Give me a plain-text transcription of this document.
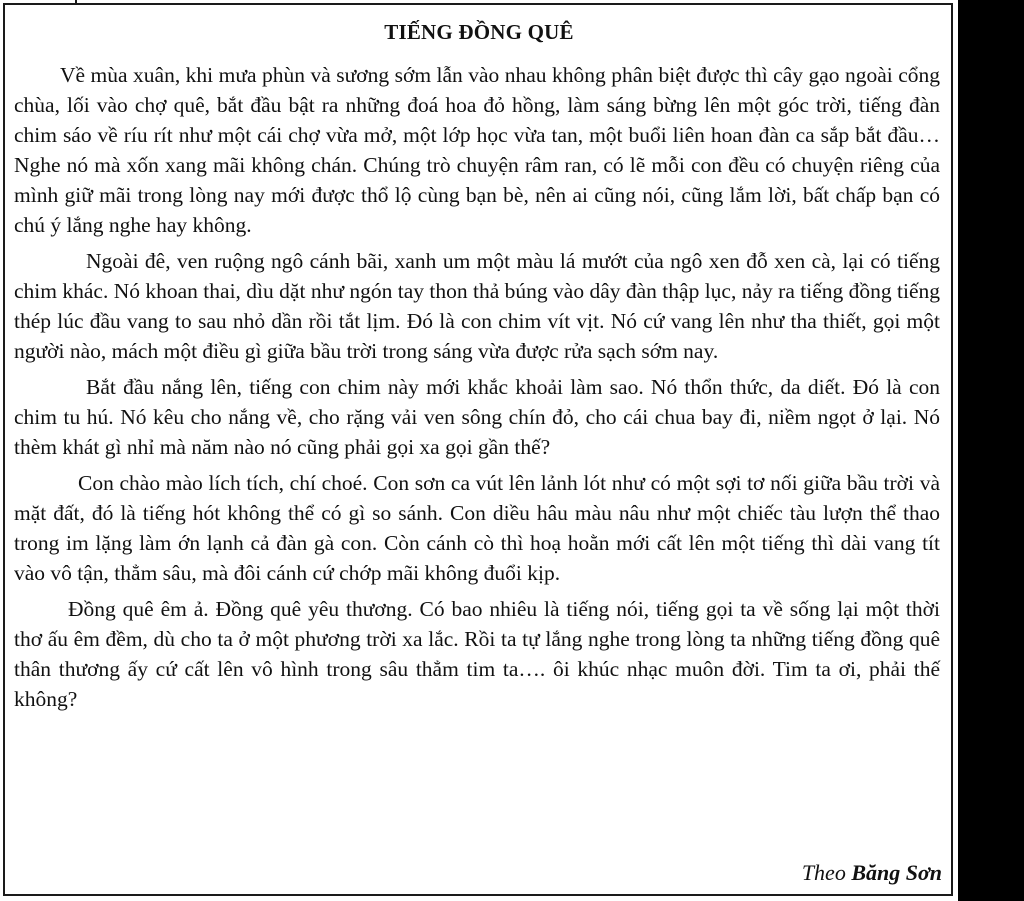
TIẾNG ĐỒNG QUÊ

Về mùa xuân, khi mưa phùn và sương sớm lẫn vào nhau không phân biệt được thì cây gạo ngoài cổng chùa, lối vào chợ quê, bắt đầu bật ra những đoá hoa đỏ hồng, làm sáng bừng lên một góc trời, tiếng đàn chim sáo về ríu rít như một cái chợ vừa mở, một lớp học vừa tan, một buổi liên hoan đàn ca sắp bắt đầu… Nghe nó mà xốn xang mãi không chán. Chúng trò chuyện râm ran, có lẽ mỗi con đều có chuyện riêng của mình giữ mãi trong lòng nay mới được thổ lộ cùng bạn bè, nên ai cũng nói, cũng lắm lời, bất chấp bạn có chú ý lắng nghe hay không.

Ngoài đê, ven ruộng ngô cánh bãi, xanh um một màu lá mướt của ngô xen đỗ xen cà, lại có tiếng chim khác. Nó khoan thai, dìu dặt như ngón tay thon thả búng vào dây đàn thập lục, nảy ra tiếng đồng tiếng thép lúc đầu vang to sau nhỏ dần rồi tắt lịm. Đó là con chim vít vịt. Nó cứ vang lên như tha thiết, gọi một người nào, mách một điều gì giữa bầu trời trong sáng vừa được rửa sạch sớm nay.

Bắt đầu nắng lên, tiếng con chim này mới khắc khoải làm sao. Nó thổn thức, da diết. Đó là con chim tu hú. Nó kêu cho nắng về, cho rặng vải ven sông chín đỏ, cho cái chua bay đi, niềm ngọt ở lại. Nó thèm khát gì nhỉ mà năm nào nó cũng phải gọi xa gọi gần thế?

Con chào mào lích tích, chí choé. Con sơn ca vút lên lảnh lót như có một sợi tơ nối giữa bầu trời và mặt đất, đó là tiếng hót không thể có gì so sánh. Con diều hâu màu nâu như một chiếc tàu lượn thể thao trong im lặng làm ớn lạnh cả đàn gà con. Còn cánh cò thì hoạ hoằn mới cất lên một tiếng thì dài vang tít vào vô tận, thẳm sâu, mà đôi cánh cứ chớp mãi không đuổi kịp.

Đồng quê êm ả. Đồng quê yêu thương. Có bao nhiêu là tiếng nói, tiếng gọi ta về sống lại một thời thơ ấu êm đềm, dù cho ta ở một phương trời xa lắc. Rồi ta tự lắng nghe trong lòng ta những tiếng đồng quê thân thương ấy cứ cất lên vô hình trong sâu thẳm tim ta…. ôi khúc nhạc muôn đời. Tim ta ơi, phải thế không?

Theo Băng Sơn
